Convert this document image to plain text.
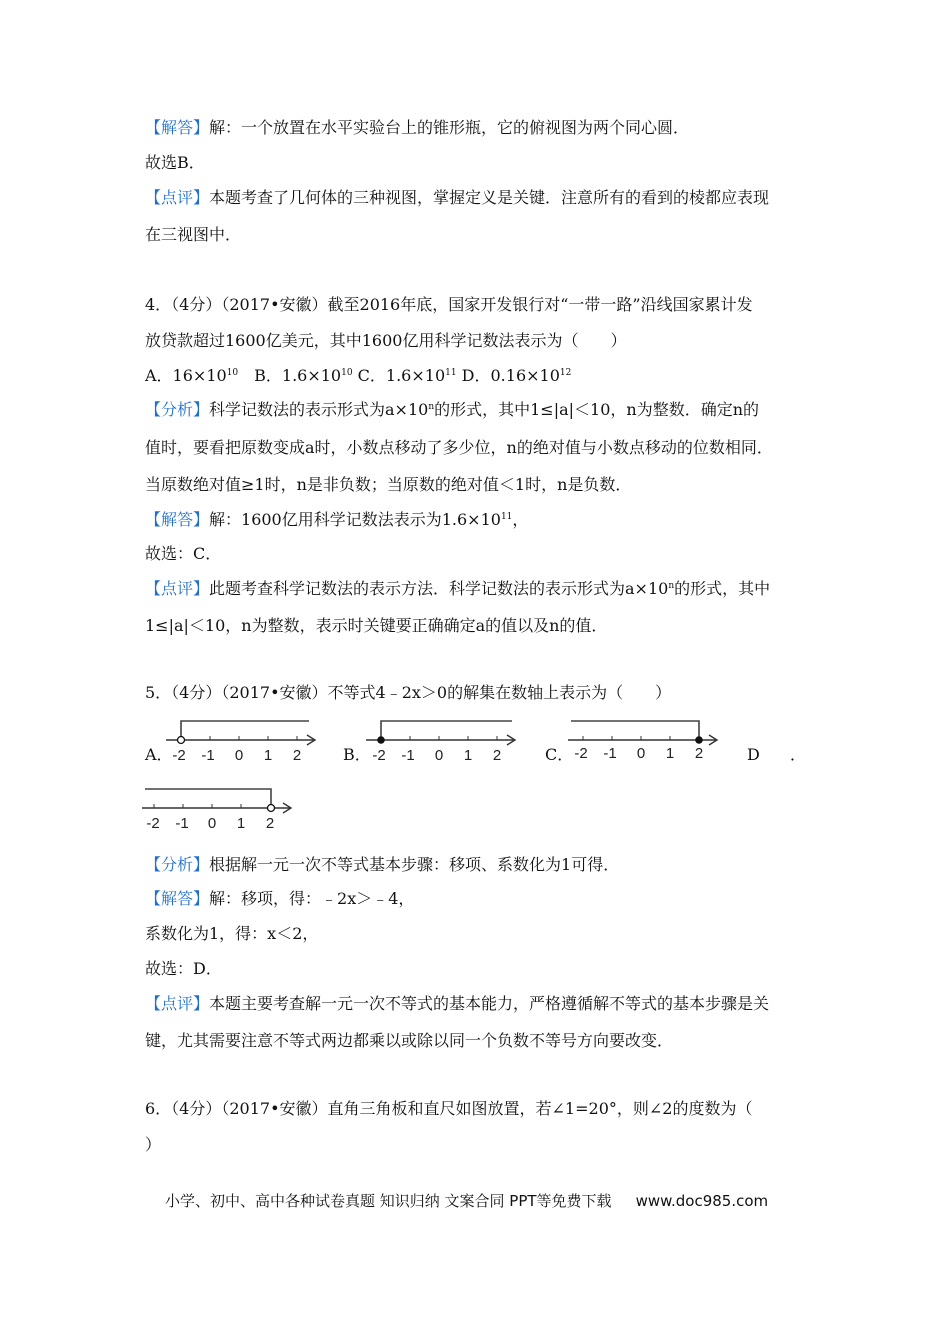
【解答】解：一个放置在水平实验台上的锥形瓶，它的俯视图为两个同心圆．
故选B．
【点评】本题考查了几何体的三种视图，掌握定义是关键．注意所有的看到的棱都应表现
在三视图中．
4．（4分）（2017•安徽）截至2016年底，国家开发银行对“一带一路”沿线国家累计发
放贷款超过1600亿美元，其中1600亿用科学记数法表示为（　　）
A．$16\times 10^{10}$　B．$1.6\times 10^{10}$ C．$1.6\times 10^{11}$ D．$0.16\times 10^{12}$
【分析】科学记数法的表示形式为$a\times 10^n$的形式，其中1≤|a|＜10，n为整数．确定n的
值时，要看把原数变成a时，小数点移动了多少位，n的绝对值与小数点移动的位数相同．
当原数绝对值≥1时，n是非负数；当原数的绝对值＜1时，n是负数．
【解答】解：1600亿用科学记数法表示为$1.6\times 10^{11}$，
故选：C．
【点评】此题考查科学记数法的表示方法．科学记数法的表示形式为$a\times 10^n$的形式，其中
1≤|a|＜10，n为整数，表示时关键要正确确定a的值以及n的值．
5．（4分）（2017•安徽）不等式4﹣2x＞0的解集在数轴上表示为（　　）
A． -2 -1 0 1 2	B． -2 -1 0 1 2	C． -2 -1 0 1 2	D ．
-2 -1 0 1 2
【分析】根据解一元一次不等式基本步骤：移项、系数化为1可得．
【解答】解：移项，得：﹣2x＞﹣4，
系数化为1，得：x＜2，
故选：D．
【点评】本题主要考查解一元一次不等式的基本能力，严格遵循解不等式的基本步骤是关
键，尤其需要注意不等式两边都乘以或除以同一个负数不等号方向要改变．
6．（4分）（2017•安徽）直角三角板和直尺如图放置，若∠1=20°，则∠2的度数为（
）
小学、初中、高中各种试卷真题 知识归纳 文案合同 PPT等免费下载 www.doc985.com
